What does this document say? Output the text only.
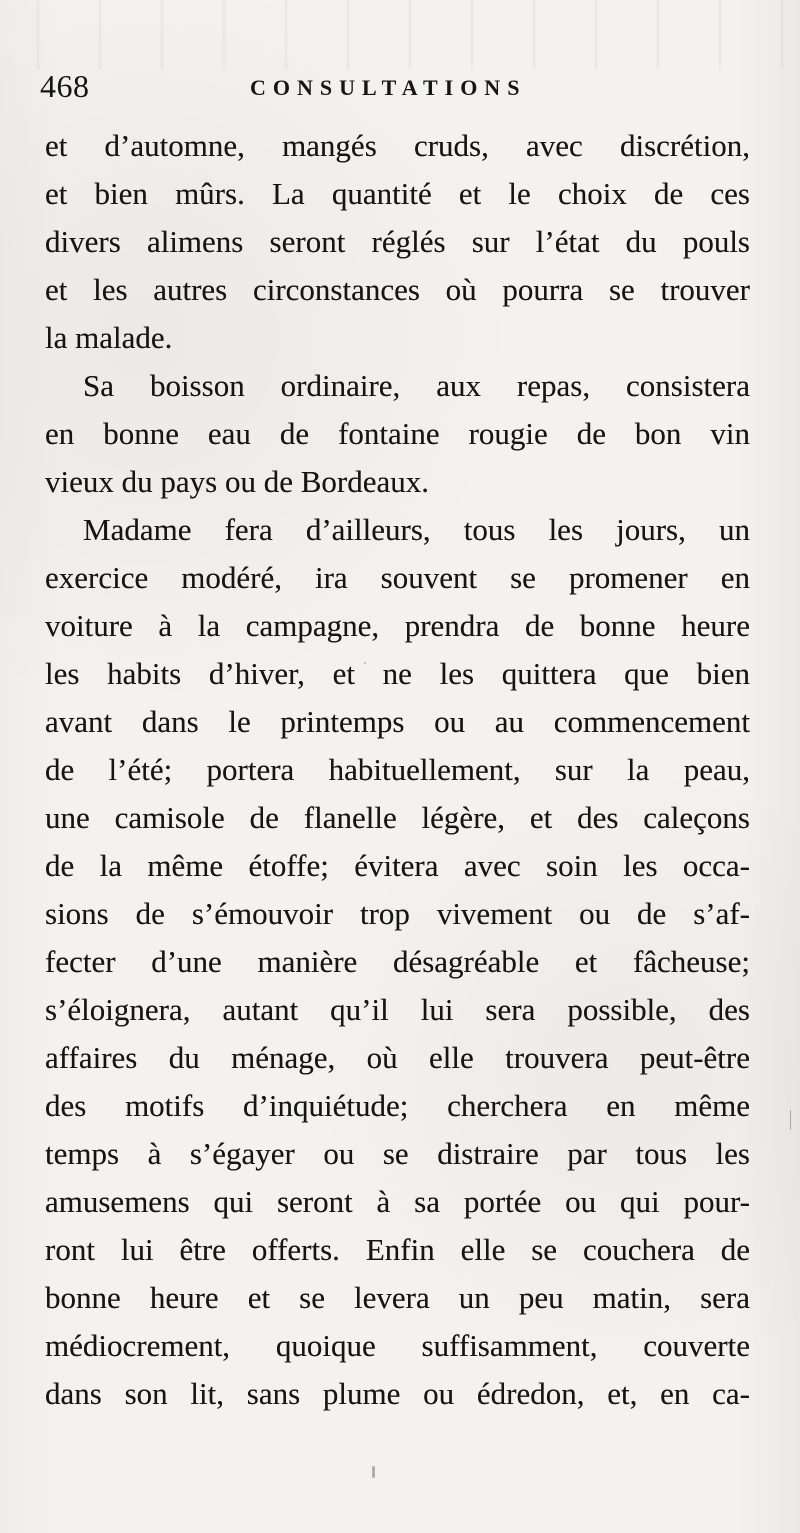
468	CONSULTATIONS
et d’automne, mangés cruds, avec discrétion,
et bien mûrs. La quantité et le choix de ces
divers alimens seront réglés sur l’état du pouls
et les autres circonstances où pourra se trouver
la malade.
Sa boisson ordinaire, aux repas, consistera
en bonne eau de fontaine rougie de bon vin
vieux du pays ou de Bordeaux.
Madame fera d’ailleurs, tous les jours, un
exercice modéré, ira souvent se promener en
voiture à la campagne, prendra de bonne heure
les habits d’hiver, et ne les quittera que bien
avant dans le printemps ou au commencement
de l’été; portera habituellement, sur la peau,
une camisole de flanelle légère, et des caleçons
de la même étoffe; évitera avec soin les occa-
sions de s’émouvoir trop vivement ou de s’af-
fecter d’une manière désagréable et fâcheuse;
s’éloignera, autant qu’il lui sera possible, des
affaires du ménage, où elle trouvera peut-être
des motifs d’inquiétude; cherchera en même
temps à s’égayer ou se distraire par tous les
amusemens qui seront à sa portée ou qui pour-
ront lui être offerts. Enfin elle se couchera de
bonne heure et se levera un peu matin, sera
médiocrement, quoique suffisamment, couverte
dans son lit, sans plume ou édredon, et, en ca-
